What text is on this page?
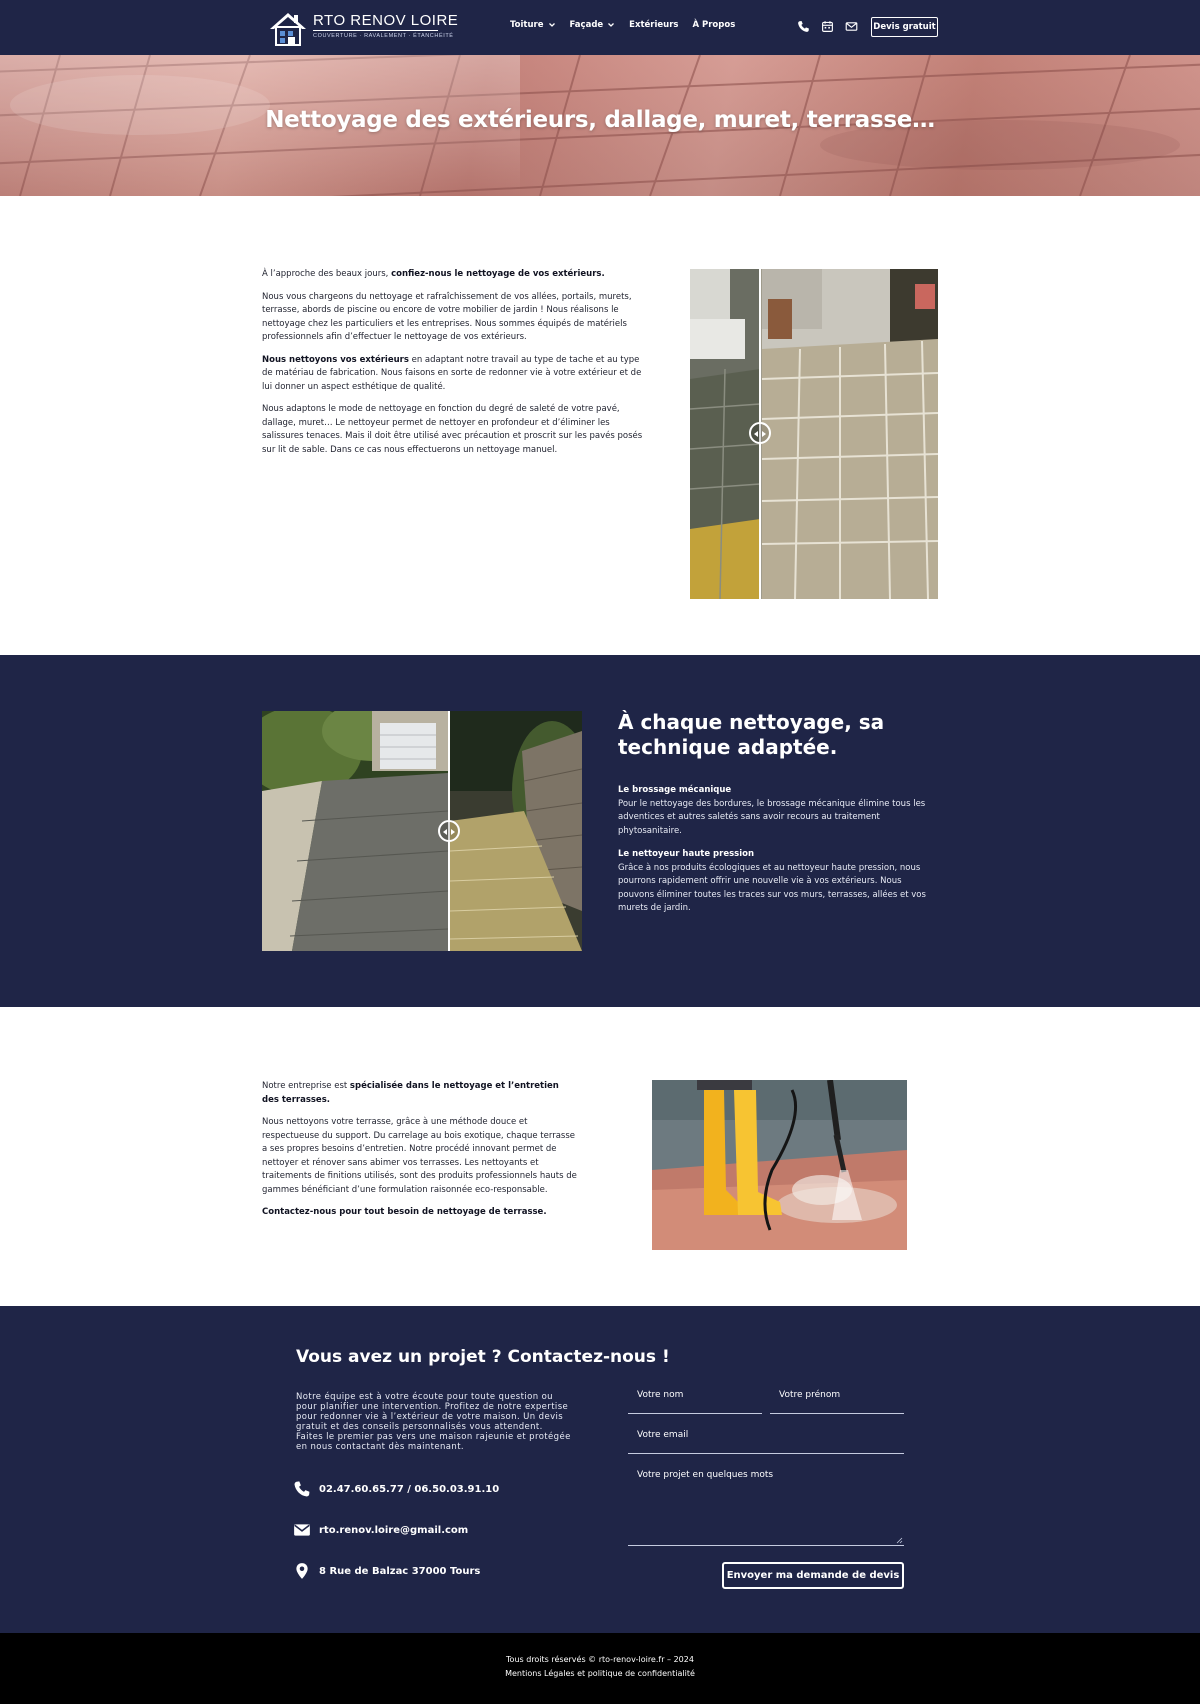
RTO RENOV LOIRE
COUVERTURE · RAVALEMENT · ÉTANCHÉITÉ
Toiture	Façade	Extérieurs À Propos	Devis gratuit
Nettoyage des extérieurs, dallage, muret, terrasse…

À l’approche des beaux jours, confiez-nous le nettoyage de vos extérieurs.

Nous vous chargeons du nettoyage et rafraîchissement de vos allées, portails, murets, terrasse, abords de piscine ou encore de votre mobilier de jardin ! Nous réalisons le nettoyage chez les particuliers et les entreprises. Nous sommes équipés de matériels professionnels afin d’effectuer le nettoyage de vos extérieurs.

Nous nettoyons vos extérieurs en adaptant notre travail au type de tache et au type de matériau de fabrication. Nous faisons en sorte de redonner vie à votre extérieur et de lui donner un aspect esthétique de qualité.

Nous adaptons le mode de nettoyage en fonction du degré de saleté de votre pavé, dallage, muret… Le nettoyeur permet de nettoyer en profondeur et d’éliminer les salissures tenaces. Mais il doit être utilisé avec précaution et proscrit sur les pavés posés sur lit de sable. Dans ce cas nous effectuerons un nettoyage manuel.

À chaque nettoyage, sa technique adaptée.

Le brossage mécanique
Pour le nettoyage des bordures, le brossage mécanique élimine tous les adventices et autres saletés sans avoir recours au traitement phytosanitaire.

Le nettoyeur haute pression
Grâce à nos produits écologiques et au nettoyeur haute pression, nous pourrons rapidement offrir une nouvelle vie à vos extérieurs. Nous pouvons éliminer toutes les traces sur vos murs, terrasses, allées et vos murets de jardin.

Notre entreprise est spécialisée dans le nettoyage et l’entretien des terrasses.

Nous nettoyons votre terrasse, grâce à une méthode douce et respectueuse du support. Du carrelage au bois exotique, chaque terrasse a ses propres besoins d’entretien. Notre procédé innovant permet de nettoyer et rénover sans abimer vos terrasses. Les nettoyants et traitements de finitions utilisés, sont des produits professionnels hauts de gammes bénéficiant d’une formulation raisonnée eco-responsable.

Contactez-nous pour tout besoin de nettoyage de terrasse.

Vous avez un projet ? Contactez-nous !
Notre équipe est à votre écoute pour toute question ou pour planifier une intervention. Profitez de notre expertise pour redonner vie à l’extérieur de votre maison. Un devis gratuit et des conseils personnalisés vous attendent. Faites le premier pas vers une maison rajeunie et protégée en nous contactant dès maintenant.
02.47.60.65.77 / 06.50.03.91.10
rto.renov.loire@gmail.com
8 Rue de Balzac 37000 Tours
Votre nom	Votre prénom
Votre email
Votre projet en quelques mots
Envoyer ma demande de devis
Tous droits réservés © rto-renov-loire.fr – 2024
Mentions Légales et politique de confidentialité
